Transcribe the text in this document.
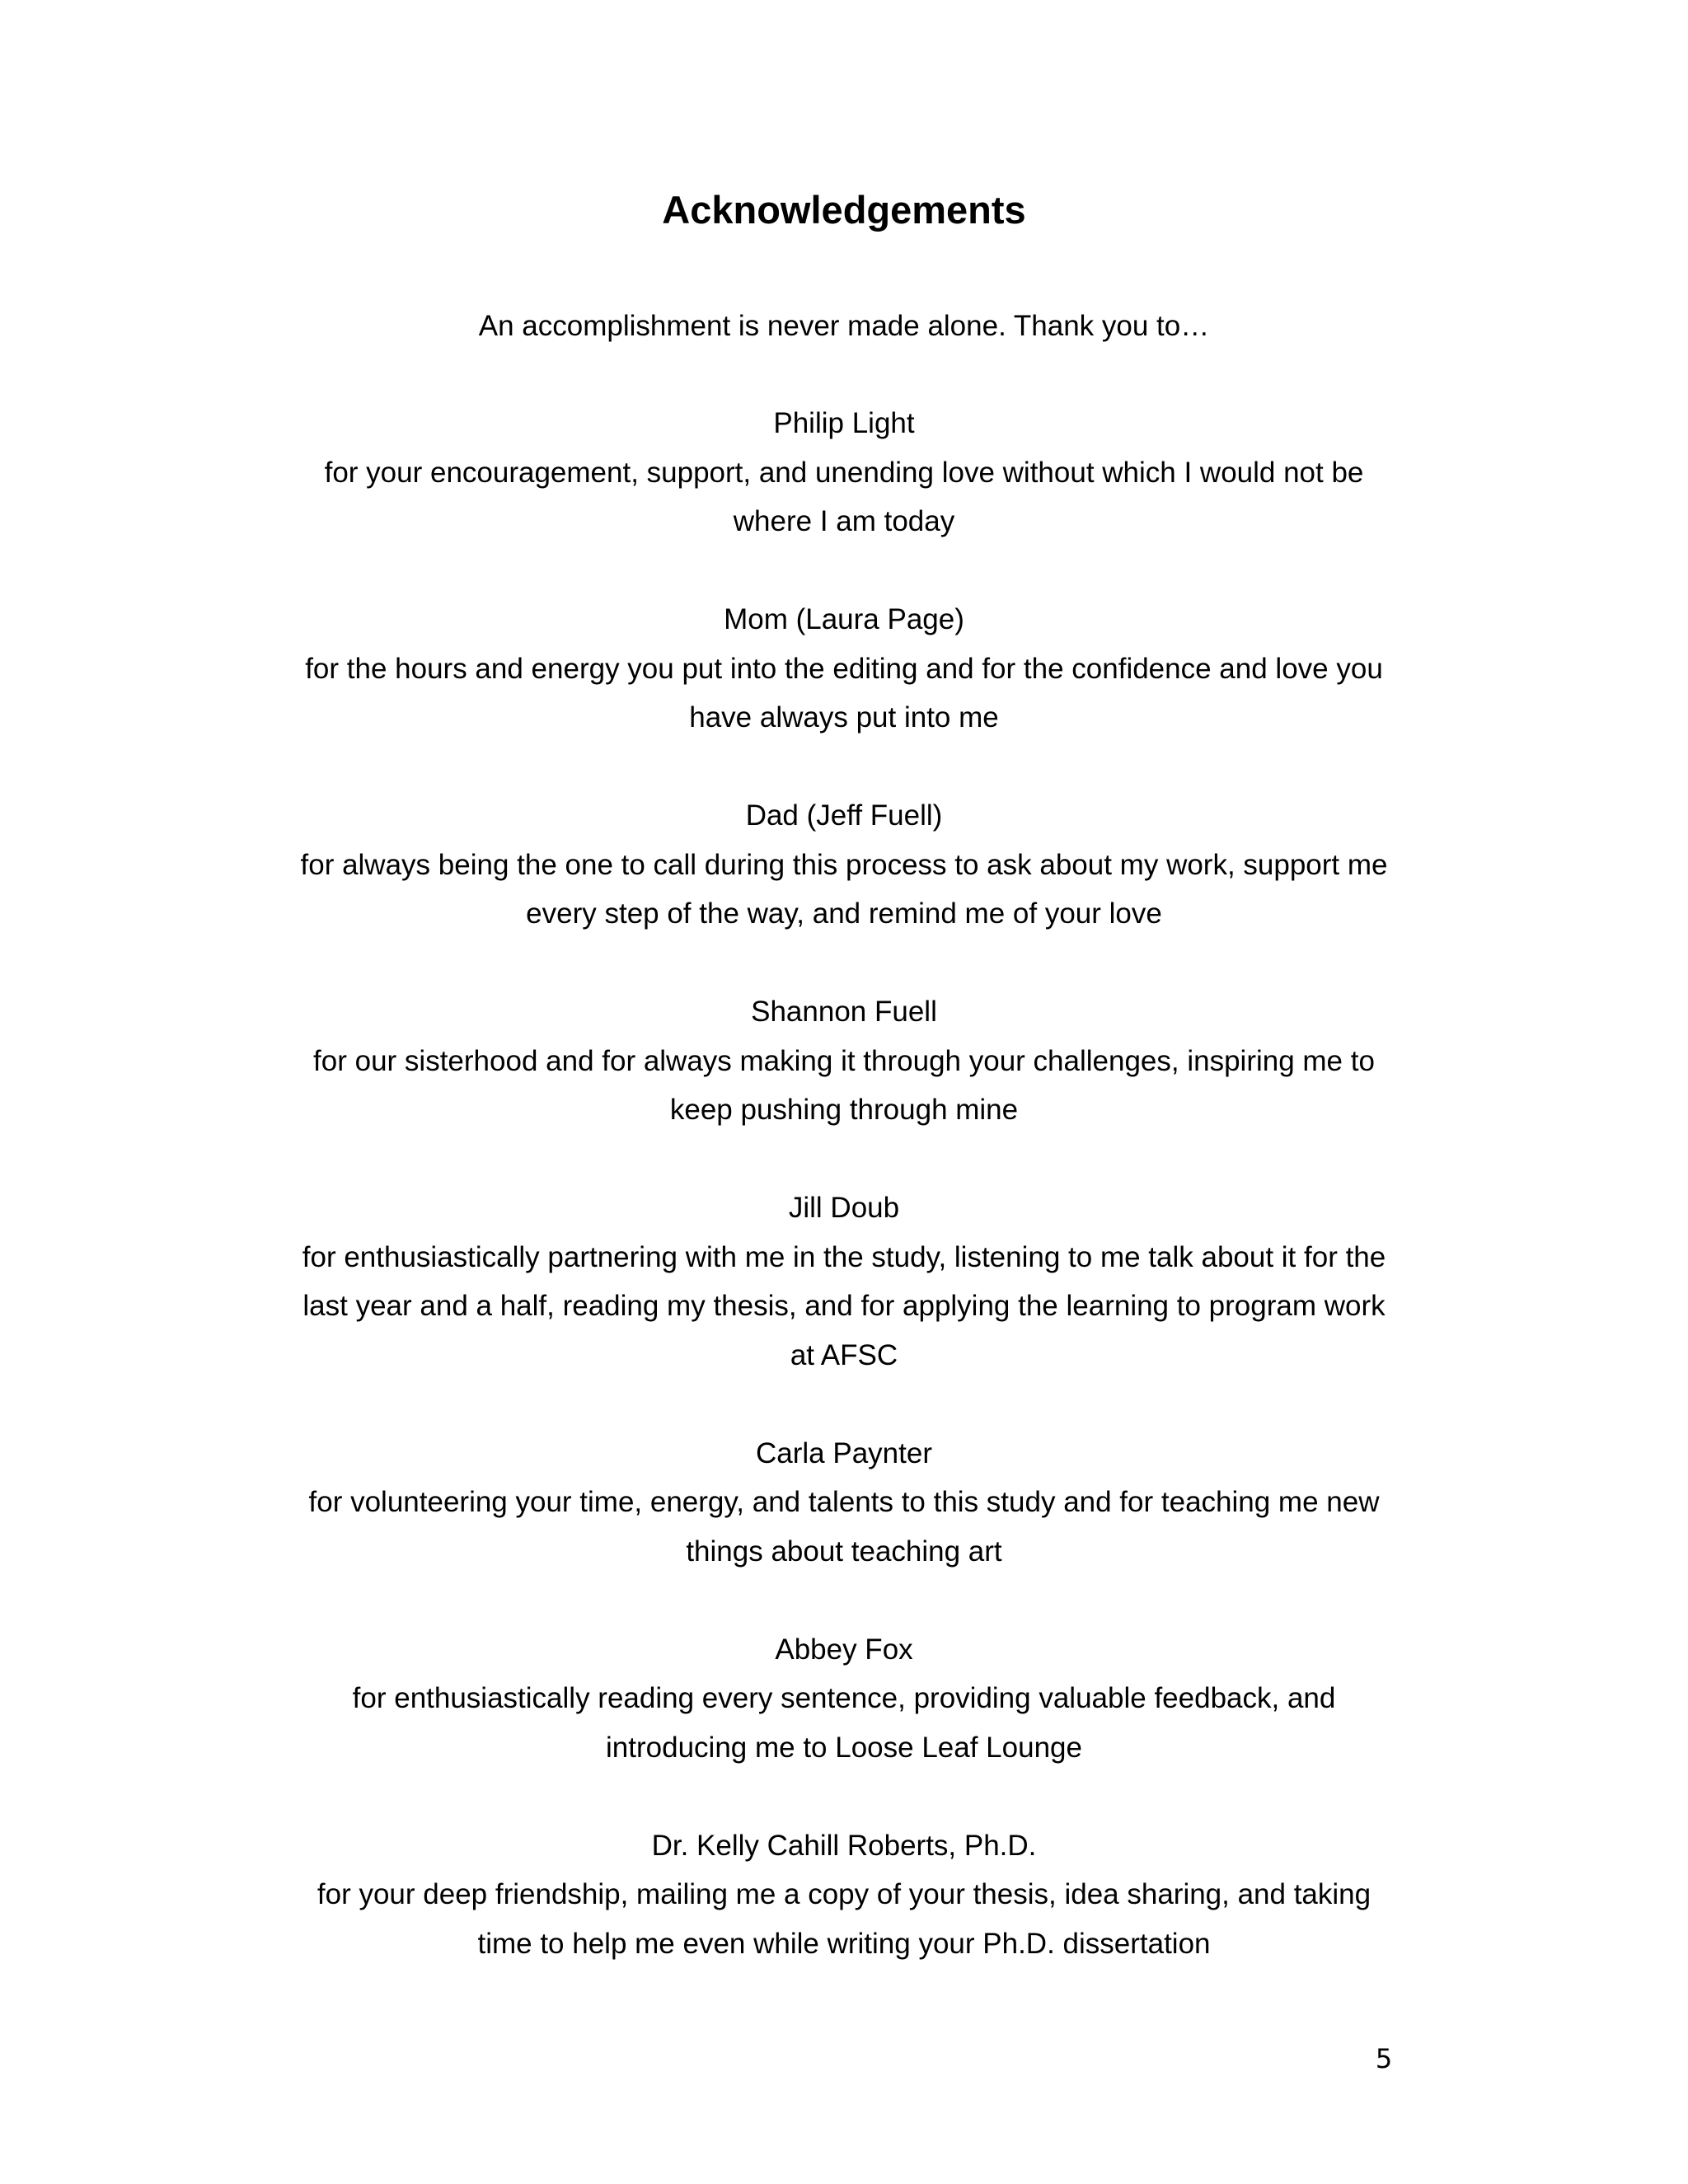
Acknowledgements

An accomplishment is never made alone. Thank you to…

Philip Light
for your encouragement, support, and unending love without which I would not be where I am today
Mom (Laura Page)
for the hours and energy you put into the editing and for the confidence and love you have always put into me
Dad (Jeff Fuell)
for always being the one to call during this process to ask about my work, support me every step of the way, and remind me of your love
Shannon Fuell
for our sisterhood and for always making it through your challenges, inspiring me to keep pushing through mine
Jill Doub
for enthusiastically partnering with me in the study, listening to me talk about it for the last year and a half, reading my thesis, and for applying the learning to program work at AFSC
Carla Paynter
for volunteering your time, energy, and talents to this study and for teaching me new things about teaching art
Abbey Fox
for enthusiastically reading every sentence, providing valuable feedback, and introducing me to Loose Leaf Lounge
Dr. Kelly Cahill Roberts, Ph.D.
for your deep friendship, mailing me a copy of your thesis, idea sharing, and taking time to help me even while writing your Ph.D. dissertation
5
